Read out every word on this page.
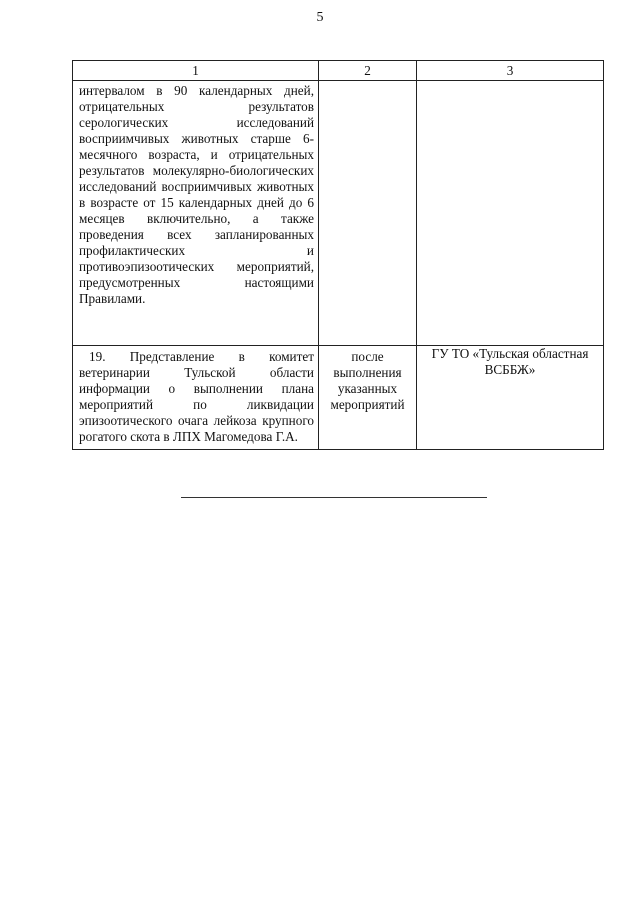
5
1	2	3
интервалом в 90 календарных дней, отрицательных результатов серологических исследований восприимчивых животных старше 6-месячного возраста, и отрицательных результатов молекулярно-биологических исследований восприимчивых животных в возрасте от 15 календарных дней до 6 месяцев включительно, а также проведения всех запланированных профилактических и противоэпизоотических мероприятий, предусмотренных настоящими Правилами.		
19. Представление в комитет ветеринарии Тульской области информации о выполнении плана мероприятий по ликвидации эпизоотического очага лейкоза крупного рогатого скота в ЛПХ Магомедова Г.А.	после выполнения указанных мероприятий	ГУ ТО «Тульская областная ВСББЖ»
